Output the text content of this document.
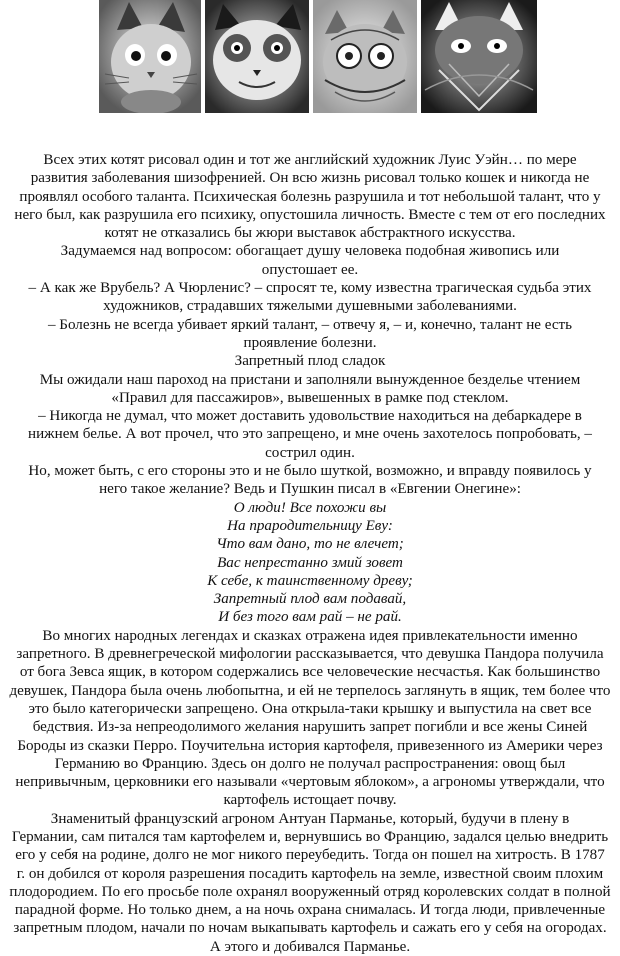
Всех этих котят рисовал один и тот же английский художник Луис Уэйн… по мере
развития заболевания шизофренией. Он всю жизнь рисовал только кошек и никогда не
проявлял особого таланта. Психическая болезнь разрушила и тот небольшой талант, что у
него был, как разрушила его психику, опустошила личность. Вместе с тем от его последних
котят не отказались бы жюри выставок абстрактного искусства.
Задумаемся над вопросом: обогащает душу человека подобная живопись или
опустошает ее.
– А как же Врубель? А Чюрленис? – спросят те, кому известна трагическая судьба этих
художников, страдавших тяжелыми душевными заболеваниями.
– Болезнь не всегда убивает яркий талант, – отвечу я, – и, конечно, талант не есть
проявление болезни.
Запретный плод сладок
Мы ожидали наш пароход на пристани и заполняли вынужденное безделье чтением
«Правил для пассажиров», вывешенных в рамке под стеклом.
– Никогда не думал, что может доставить удовольствие находиться на дебаркадере в
нижнем белье. А вот прочел, что это запрещено, и мне очень захотелось попробовать, –
сострил один.
Но, может быть, с его стороны это и не было шуткой, возможно, и вправду появилось у
него такое желание? Ведь и Пушкин писал в «Евгении Онегине»:
О люди! Все похожи вы
На прародительницу Еву:
Что вам дано, то не влечет;
Вас непрестанно змий зовет
К себе, к таинственному древу;
Запретный плод вам подавай,
И без того вам рай – не рай.
Во многих народных легендах и сказках отражена идея привлекательности именно
запретного. В древнегреческой мифологии рассказывается, что девушка Пандора получила
от бога Зевса ящик, в котором содержались все человеческие несчастья. Как большинство
девушек, Пандора была очень любопытна, и ей не терпелось заглянуть в ящик, тем более что
это было категорически запрещено. Она открыла-таки крышку и выпустила на свет все
бедствия. Из-за непреодолимого желания нарушить запрет погибли и все жены Синей
Бороды из сказки Перро. Поучительна история картофеля, привезенного из Америки через
Германию во Францию. Здесь он долго не получал распространения: овощ был
непривычным, церковники его называли «чертовым яблоком», а агрономы утверждали, что
картофель истощает почву.
Знаменитый французский агроном Антуан Парманье, который, будучи в плену в
Германии, сам питался там картофелем и, вернувшись во Францию, задался целью внедрить
его у себя на родине, долго не мог никого переубедить. Тогда он пошел на хитрость. В 1787
г. он добился от короля разрешения посадить картофель на земле, известной своим плохим
плодородием. По его просьбе поле охранял вооруженный отряд королевских солдат в полной
парадной форме. Но только днем, а на ночь охрана снималась. И тогда люди, привлеченные
запретным плодом, начали по ночам выкапывать картофель и сажать его у себя на огородах.
А этого и добивался Парманье.
